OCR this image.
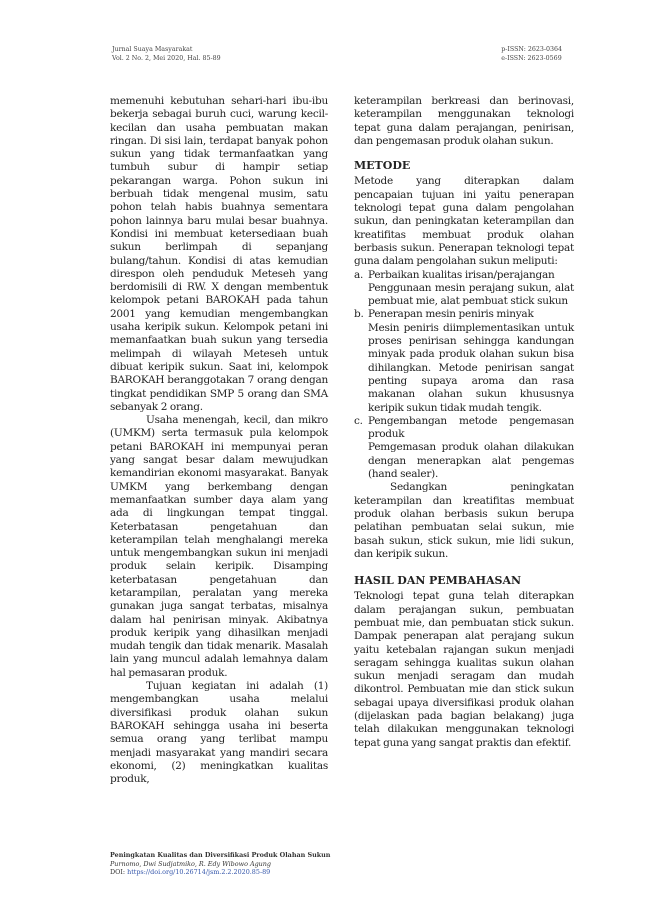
Jurnal Suaya Masyarakat
Vol. 2 No. 2, Mei 2020, Hal. 85-89
p-ISSN: 2623-0364
e-ISSN: 2623-0569

memenuhi kebutuhan sehari-hari ibu-ibu bekerja sebagai buruh cuci, warung kecil-kecilan dan usaha pembuatan makan ringan. Di sisi lain, terdapat banyak pohon sukun yang tidak termanfaatkan yang tumbuh subur di hampir setiap pekarangan warga. Pohon sukun ini berbuah tidak mengenal musim, satu pohon telah habis buahnya sementara pohon lainnya baru mulai besar buahnya. Kondisi ini membuat ketersediaan buah sukun berlimpah di sepanjang bulang/tahun. Kondisi di atas kemudian direspon oleh penduduk Meteseh yang berdomisili di RW. X dengan membentuk kelompok petani BAROKAH pada tahun 2001 yang kemudian mengembangkan usaha keripik sukun. Kelompok petani ini memanfaatkan buah sukun yang tersedia melimpah di wilayah Meteseh untuk dibuat keripik sukun. Saat ini, kelompok BAROKAH beranggotakan 7 orang dengan tingkat pendidikan SMP 5 orang dan SMA sebanyak 2 orang.

Usaha menengah, kecil, dan mikro (UMKM) serta termasuk pula kelompok petani BAROKAH ini mempunyai peran yang sangat besar dalam mewujudkan kemandirian ekonomi masyarakat. Banyak UMKM yang berkembang dengan memanfaatkan sumber daya alam yang ada di lingkungan tempat tinggal. Keterbatasan pengetahuan dan keterampilan telah menghalangi mereka untuk mengembangkan sukun ini menjadi produk selain keripik. Disamping keterbatasan pengetahuan dan ketarampilan, peralatan yang mereka gunakan juga sangat terbatas, misalnya dalam hal penirisan minyak. Akibatnya produk keripik yang dihasilkan menjadi mudah tengik dan tidak menarik. Masalah lain yang muncul adalah lemahnya dalam hal pemasaran produk.

Tujuan kegiatan ini adalah (1) mengembangkan usaha melalui diversifikasi produk olahan sukun BAROKAH sehingga usaha ini beserta semua orang yang terlibat mampu menjadi masyarakat yang mandiri secara ekonomi, (2) meningkatkan kualitas produk,

keterampilan berkreasi dan berinovasi, keterampilan menggunakan teknologi tepat guna dalam perajangan, penirisan, dan pengemasan produk olahan sukun.

METODE

Metode yang diterapkan dalam pencapaian tujuan ini yaitu penerapan teknologi tepat guna dalam pengolahan sukun, dan peningkatan keterampilan dan kreatifitas membuat produk olahan berbasis sukun. Penerapan teknologi tepat guna dalam pengolahan sukun meliputi:

a. Perbaikan kualitas irisan/perajangan
Penggunaan mesin perajang sukun, alat pembuat mie, alat pembuat stick sukun
b. Penerapan mesin peniris minyak
Mesin peniris diimplementasikan untuk proses penirisan sehingga kandungan minyak pada produk olahan sukun bisa dihilangkan. Metode penirisan sangat penting supaya aroma dan rasa makanan olahan sukun khususnya keripik sukun tidak mudah tengik.
c. Pengembangan metode pengemasan produk
Pemgemasan produk olahan dilakukan dengan menerapkan alat pengemas (hand sealer).

Sedangkan peningkatan keterampilan dan kreatifitas membuat produk olahan berbasis sukun berupa pelatihan pembuatan selai sukun, mie basah sukun, stick sukun, mie lidi sukun, dan keripik sukun.

HASIL DAN PEMBAHASAN

Teknologi tepat guna telah diterapkan dalam perajangan sukun, pembuatan pembuat mie, dan pembuatan stick sukun. Dampak penerapan alat perajang sukun yaitu ketebalan rajangan sukun menjadi seragam sehingga kualitas sukun olahan sukun menjadi seragam dan mudah dikontrol. Pembuatan mie dan stick sukun sebagai upaya diversifikasi produk olahan (dijelaskan pada bagian belakang) juga telah dilakukan menggunakan teknologi tepat guna yang sangat praktis dan efektif.

Peningkatan Kualitas dan Diversifikasi Produk Olahan Sukun
Purnomo, Dwi Sudjatmiko, R. Edy Wibowo Agung
DOI: https://doi.org/10.26714/jsm.2.2.2020.85-89
